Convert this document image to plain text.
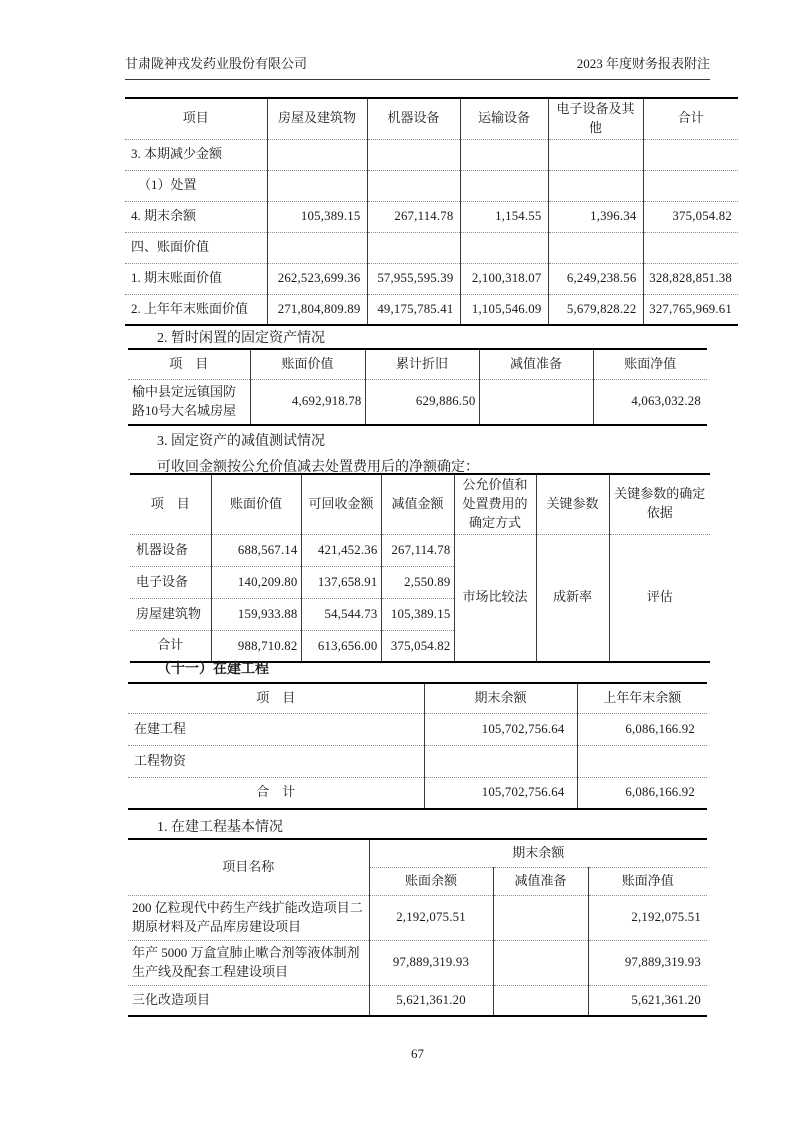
甘肃陇神戎发药业股份有限公司	2023 年度财务报表附注
项目	房屋及建筑物	机器设备	运输设备	电子设备及其他	合计
3. 本期减少金额					
（1）处置					
4. 期末余额	105,389.15	267,114.78	1,154.55	1,396.34	375,054.82
四、账面价值					
1. 期末账面价值	262,523,699.36	57,955,595.39	2,100,318.07	6,249,238.56	328,828,851.38
2. 上年年末账面价值	271,804,809.89	49,175,785.41	1,105,546.09	5,679,828.22	327,765,969.61
2. 暂时闲置的固定资产情况
项　目	账面价值	累计折旧	减值准备	账面净值
榆中县定远镇国防路10号大名城房屋	4,692,918.78	629,886.50		4,063,032.28
3. 固定资产的减值测试情况
可收回金额按公允价值减去处置费用后的净额确定：
项　目	账面价值	可回收金额	减值金额	公允价值和处置费用的确定方式	关键参数	关键参数的确定依据
机器设备	688,567.14	421,452.36	267,114.78	市场比较法	成新率	评估
电子设备	140,209.80	137,658.91	2,550.89			
房屋建筑物	159,933.88	54,544.73	105,389.15			
合计	988,710.82	613,656.00	375,054.82			
（十一）在建工程
项　目	期末余额	上年年末余额
在建工程	105,702,756.64	6,086,166.92
工程物资		
合　计	105,702,756.64	6,086,166.92
1. 在建工程基本情况
项目名称	期末余额		
	账面余额	减值准备	账面净值
200 亿粒现代中药生产线扩能改造项目二期原材料及产品库房建设项目	2,192,075.51		2,192,075.51
年产 5000 万盒宣肺止嗽合剂等液体制剂生产线及配套工程建设项目	97,889,319.93		97,889,319.93
三化改造项目	5,621,361.20		5,621,361.20
67
